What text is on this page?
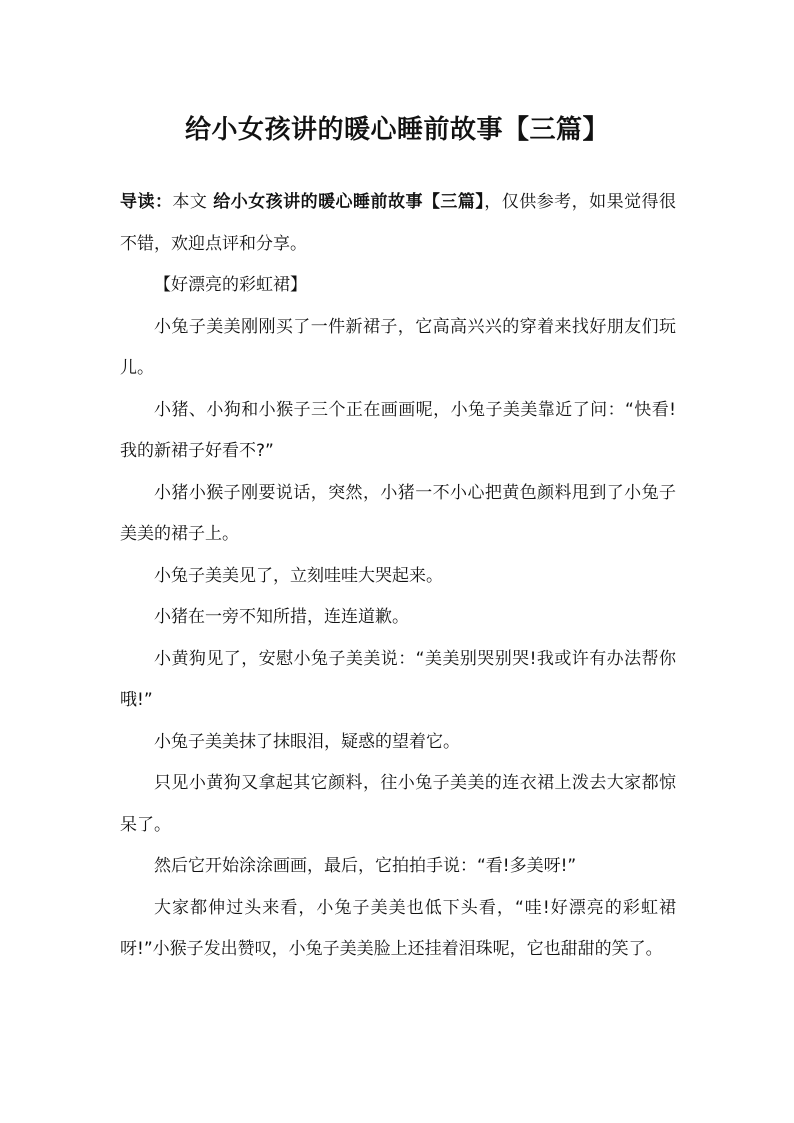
给小女孩讲的暖心睡前故事【三篇】

导读：本文 给小女孩讲的暖心睡前故事【三篇】，仅供参考，如果觉得很不错，欢迎点评和分享。

【好漂亮的彩虹裙】

小兔子美美刚刚买了一件新裙子，它高高兴兴的穿着来找好朋友们玩儿。

小猪、小狗和小猴子三个正在画画呢，小兔子美美靠近了问：“快看!我的新裙子好看不?”

小猪小猴子刚要说话，突然，小猪一不小心把黄色颜料甩到了小兔子美美的裙子上。

小兔子美美见了，立刻哇哇大哭起来。

小猪在一旁不知所措，连连道歉。

小黄狗见了，安慰小兔子美美说：“美美别哭别哭!我或许有办法帮你哦!”

小兔子美美抹了抹眼泪，疑惑的望着它。

只见小黄狗又拿起其它颜料，往小兔子美美的连衣裙上泼去大家都惊呆了。

然后它开始涂涂画画，最后，它拍拍手说：“看!多美呀!”

大家都伸过头来看，小兔子美美也低下头看，“哇!好漂亮的彩虹裙呀!”小猴子发出赞叹，小兔子美美脸上还挂着泪珠呢，它也甜甜的笑了。
